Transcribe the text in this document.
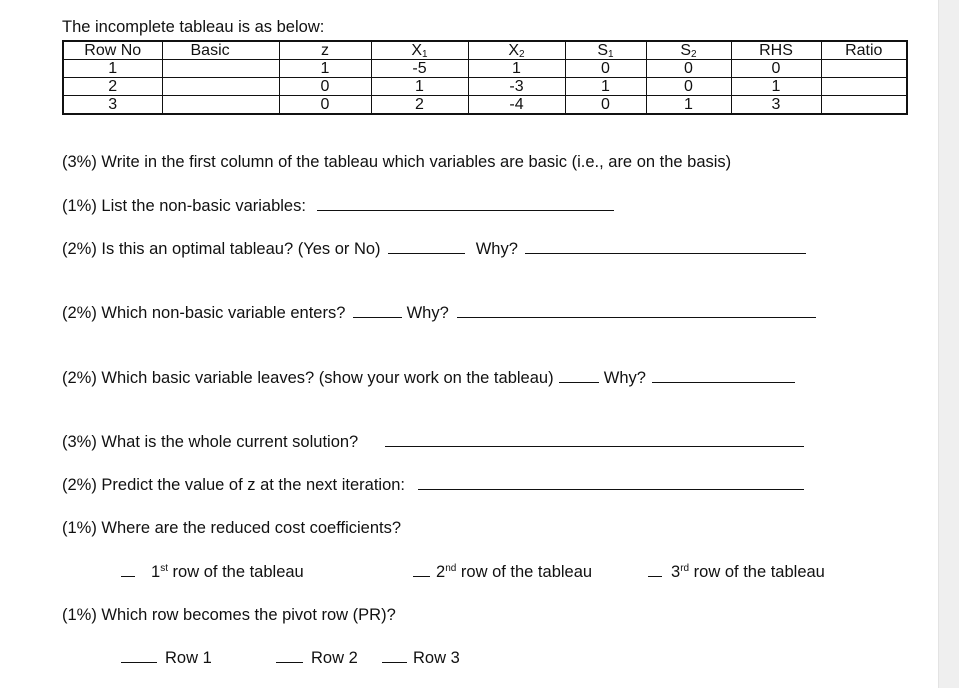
The incomplete tableau is as below:
Row No	Basic	z	$X_1$	$X_2$	$S_1$	$S_2$	RHS	Ratio
1		1	-5	1	0	0	0	
2		0	1	-3	1	0	1	
3		0	2	-4	0	1	3	
(3%) Write in the first column of the tableau which variables are basic (i.e., are on the basis)
(1%) List the non-basic variables:
(2%) Is this an optimal tableau? (Yes or No)	Why?
(2%) Which non-basic variable enters?	Why?
(2%) Which basic variable leaves? (show your work on the tableau)	Why?
(3%) What is the whole current solution?
(2%) Predict the value of z at the next iteration:
(1%) Where are the reduced cost coefficients?
1st row of the tableau	2nd row of the tableau	3rd row of the tableau
(1%) Which row becomes the pivot row (PR)?
Row 1	Row 2	Row 3
